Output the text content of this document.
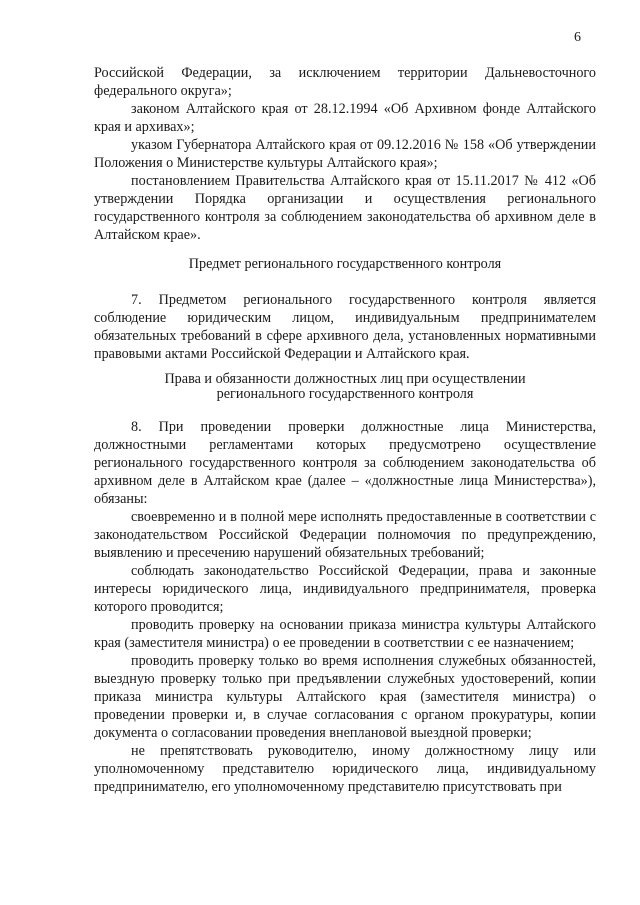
6

Российской Федерации, за исключением территории Дальневосточного федерального округа»;

законом Алтайского края от 28.12.1994 «Об Архивном фонде Алтайского края и архивах»;

указом Губернатора Алтайского края от 09.12.2016 № 158 «Об утверждении Положения о Министерстве культуры Алтайского края»;

постановлением Правительства Алтайского края от 15.11.2017 № 412 «Об утверждении Порядка организации и осуществления регионального государственного контроля за соблюдением законодательства об архивном деле в Алтайском крае».

Предмет регионального государственного контроля

7. Предметом регионального государственного контроля является соблюдение юридическим лицом, индивидуальным предпринимателем обязательных требований в сфере архивного дела, установленных нормативными правовыми актами Российской Федерации и Алтайского края.

Права и обязанности должностных лиц при осуществлении

регионального государственного контроля

8. При проведении проверки должностные лица Министерства, должностными регламентами которых предусмотрено осуществление регионального государственного контроля за соблюдением законодательства об архивном деле в Алтайском крае (далее – «должностные лица Министерства»), обязаны:

своевременно и в полной мере исполнять предоставленные в соответствии с законодательством Российской Федерации полномочия по предупреждению, выявлению и пресечению нарушений обязательных требований;

соблюдать законодательство Российской Федерации, права и законные интересы юридического лица, индивидуального предпринимателя, проверка которого проводится;

проводить проверку на основании приказа министра культуры Алтайского края (заместителя министра) о ее проведении в соответствии с ее назначением;

проводить проверку только во время исполнения служебных обязанностей, выездную проверку только при предъявлении служебных удостоверений, копии приказа министра культуры Алтайского края (заместителя министра) о проведении проверки и, в случае согласования с органом прокуратуры, копии документа о согласовании проведения внеплановой выездной проверки;

не препятствовать руководителю, иному должностному лицу или уполномоченному представителю юридического лица, индивидуальному предпринимателю, его уполномоченному представителю присутствовать при
